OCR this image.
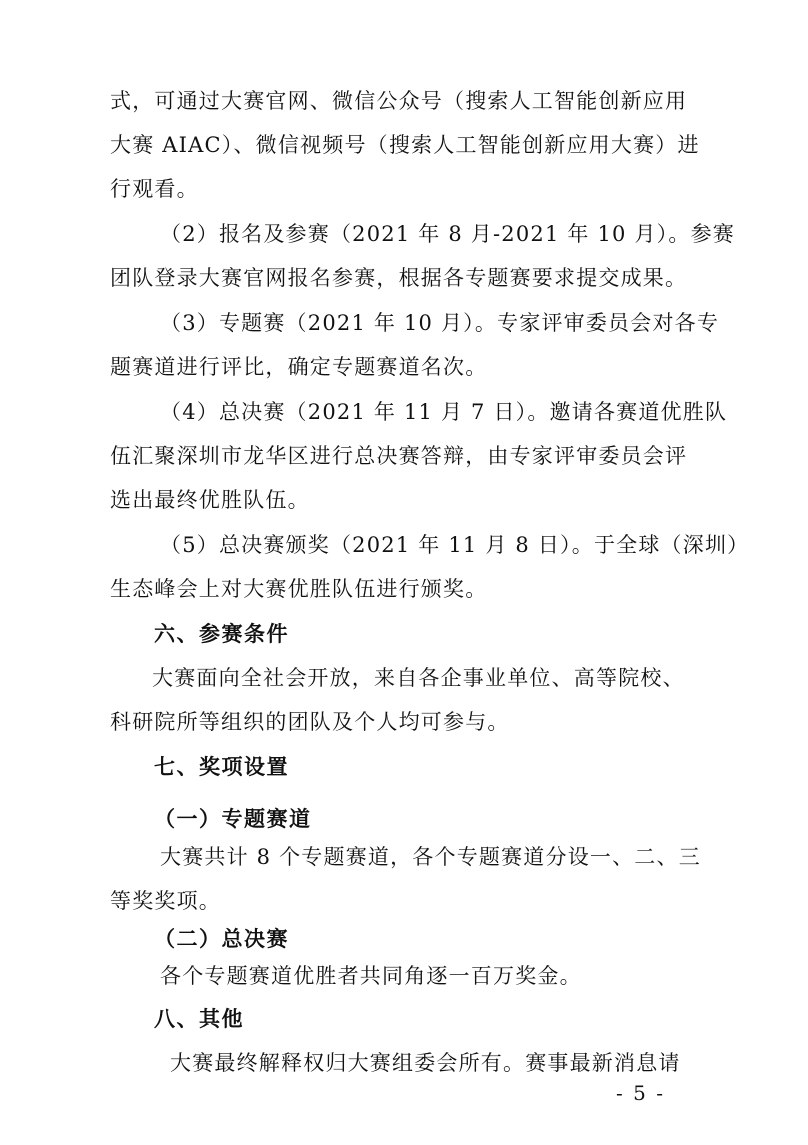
式，可通过大赛官网、微信公众号（搜索人工智能创新应用
大赛 AIAC）、微信视频号（搜索人工智能创新应用大赛）进
行观看。
（2）报名及参赛（2021 年 8 月-2021 年 10 月）。参赛
团队登录大赛官网报名参赛，根据各专题赛要求提交成果。
（3）专题赛（2021 年 10 月）。专家评审委员会对各专
题赛道进行评比，确定专题赛道名次。
（4）总决赛（2021 年 11 月 7 日）。邀请各赛道优胜队
伍汇聚深圳市龙华区进行总决赛答辩，由专家评审委员会评
选出最终优胜队伍。
（5）总决赛颁奖（2021 年 11 月 8 日）。于全球（深圳）
生态峰会上对大赛优胜队伍进行颁奖。
六、参赛条件
大赛面向全社会开放，来自各企事业单位、高等院校、
科研院所等组织的团队及个人均可参与。
七、奖项设置
（一）专题赛道
大赛共计 8 个专题赛道，各个专题赛道分设一、二、三
等奖奖项。
（二）总决赛
各个专题赛道优胜者共同角逐一百万奖金。
八、其他
大赛最终解释权归大赛组委会所有。赛事最新消息请
- 5 -
